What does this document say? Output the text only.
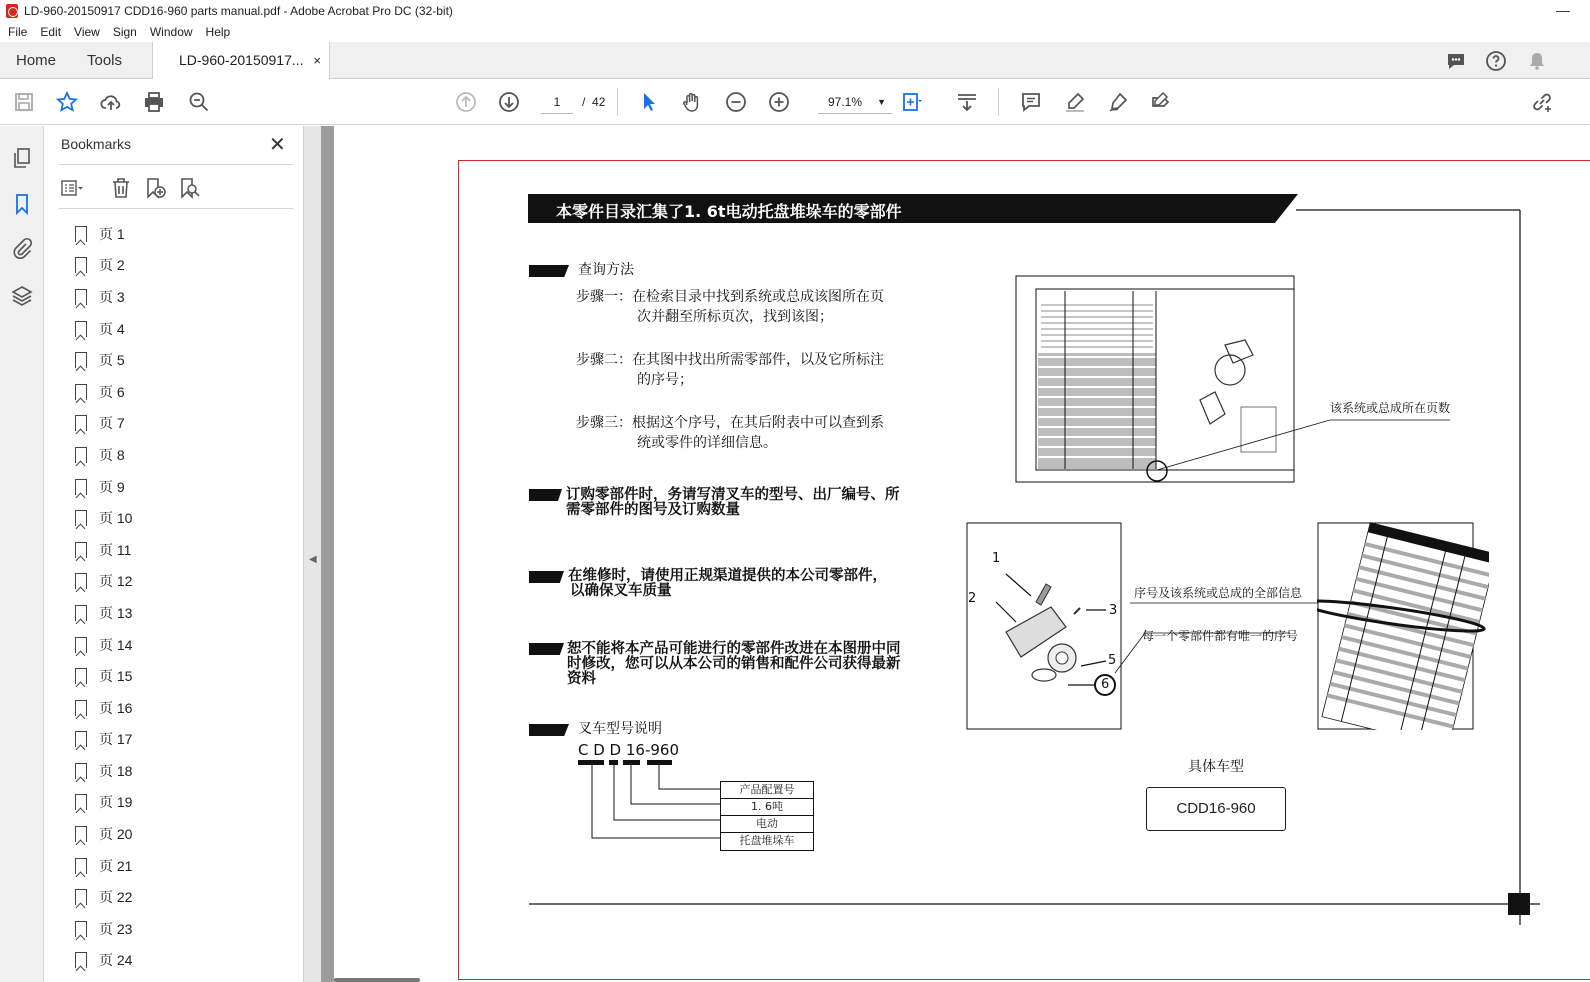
LD-960-20150917 CDD16-960 parts manual.pdf - Adobe Acrobat Pro DC (32-bit)	—
File Edit View Sign Window Help
Home Tools	LD-960-20150917... ×
1	/ 42	97.1% ▼
Bookmarks	✕
页 1
页 2
页 3
页 4
页 5
页 6
页 7
页 8
页 9
页 10
页 11
页 12
页 13
页 14
页 15
页 16
页 17
页 18
页 19
页 20
页 21
页 22
页 23
页 24
◀
本零件目录汇集了1. 6t电动托盘堆垛车的零部件
查询方法
步骤一：在检索目录中找到系统或总成该图所在页
次并翻至所标页次，找到该图；
步骤二：在其图中找出所需零部件，以及它所标注
的序号；
步骤三：根据这个序号，在其后附表中可以查到系
统或零件的详细信息。
订购零部件时，务请写清叉车的型号、出厂编号、所
需零部件的图号及订购数量
在维修时，请使用正规渠道提供的本公司零部件，
以确保叉车质量
恕不能将本产品可能进行的零部件改进在本图册中同
时修改，您可以从本公司的销售和配件公司获得最新
资料
叉车型号说明
C D D 16-960
产品配置号
1. 6吨
电动
托盘堆垛车
该系统或总成所在页数
1
2
3
5
6
序号及该系统或总成的全部信息
每一个零部件都有唯一的序号
具体车型
CDD16-960
